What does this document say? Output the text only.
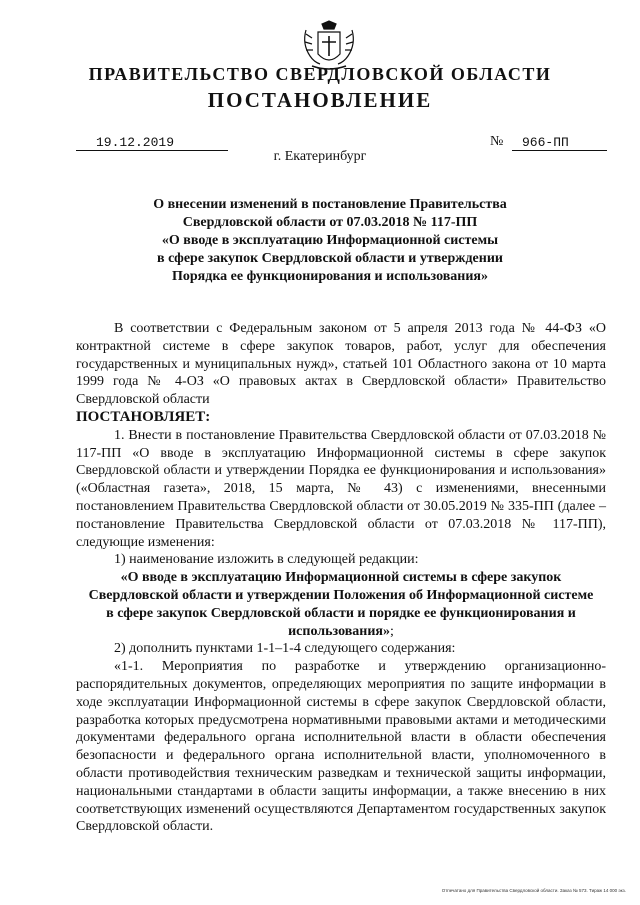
ПРАВИТЕЛЬСТВО СВЕРДЛОВСКОЙ ОБЛАСТИ
ПОСТАНОВЛЕНИЕ
19.12.2019	№	966-ПП
г. Екатеринбург
О внесении изменений в постановление Правительства
Свердловской области от 07.03.2018 № 117-ПП
«О вводе в эксплуатацию Информационной системы
в сфере закупок Свердловской области и утверждении
Порядка ее функционирования и использования»

В соответствии с Федеральным законом от 5 апреля 2013 года № 44-ФЗ «О контрактной системе в сфере закупок товаров, работ, услуг для обеспечения государственных и муниципальных нужд», статьей 101 Областного закона от 10 марта 1999 года № 4-ОЗ «О правовых актах в Свердловской области» Правительство Свердловской области

ПОСТАНОВЛЯЕТ:

1. Внести в постановление Правительства Свердловской области от 07.03.2018 № 117-ПП «О вводе в эксплуатацию Информационной системы в сфере закупок Свердловской области и утверждении Порядка ее функционирования и использования» («Областная газета», 2018, 15 марта, № 43) с изменениями, внесенными постановлением Правительства Свердловской области от 30.05.2019 № 335-ПП (далее – постановление Правительства Свердловской области от 07.03.2018 № 117-ПП), следующие изменения:

1) наименование изложить в следующей редакции:

«О вводе в эксплуатацию Информационной системы в сфере закупок Свердловской области и утверждении Положения об Информационной системе в сфере закупок Свердловской области и порядке ее функционирования и использования»;

2) дополнить пунктами 1-1–1-4 следующего содержания:

«1-1. Мероприятия по разработке и утверждению организационно-распорядительных документов, определяющих мероприятия по защите информации в ходе эксплуатации Информационной системы в сфере закупок Свердловской области, разработка которых предусмотрена нормативными правовыми актами и методическими документами федерального органа исполнительной власти в области обеспечения безопасности и федерального органа исполнительной власти, уполномоченного в области противодействия техническим разведкам и технической защиты информации, национальными стандартами в области защиты информации, а также внесению в них соответствующих изменений осуществляются Департаментом государственных закупок Свердловской области.

Отпечатано для Правительства Свердловской области. Заказ № 573. Тираж 14 000 экз.
